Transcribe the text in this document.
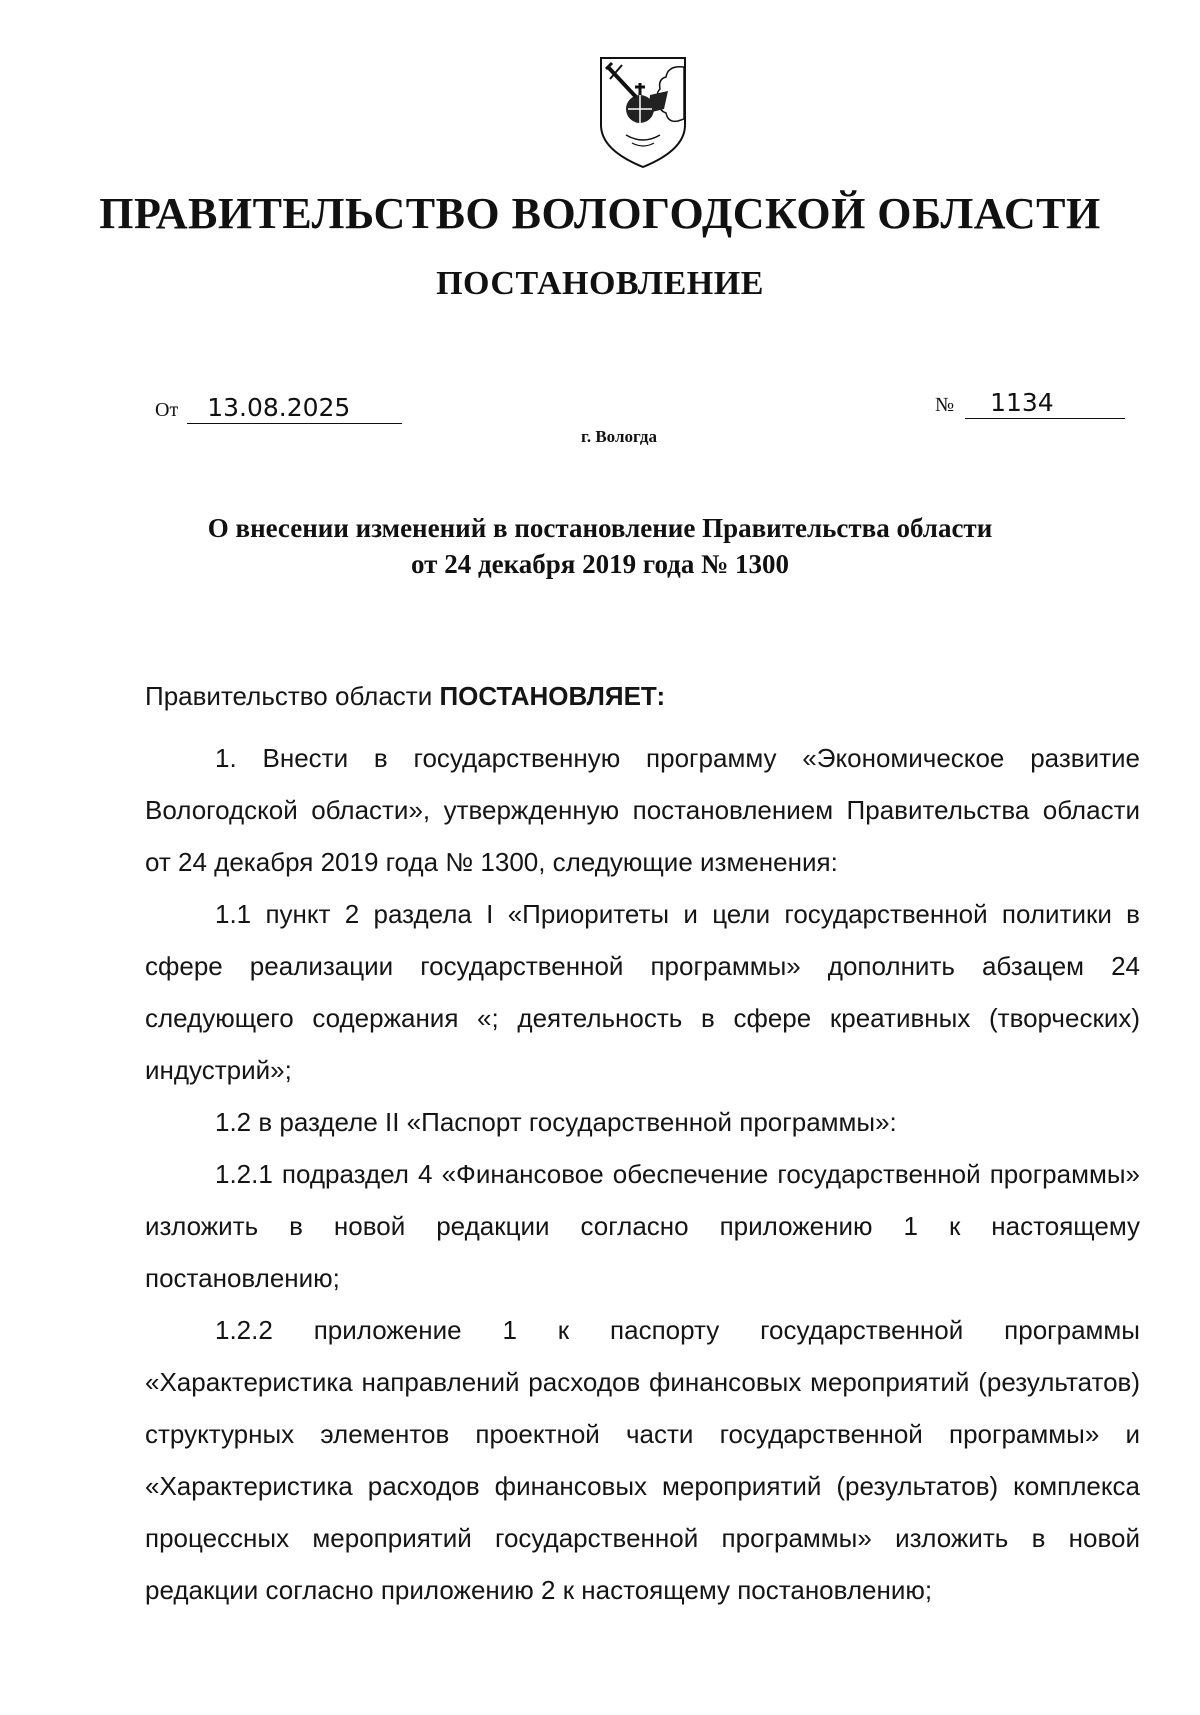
ПРАВИТЕЛЬСТВО ВОЛОГОДСКОЙ ОБЛАСТИ
ПОСТАНОВЛЕНИЕ
От 13.08.2025	№ 1134
г. Вологда
О внесении изменений в постановление Правительства области
от 24 декабря 2019 года № 1300

Правительство области ПОСТАНОВЛЯЕТ:

1. Внести в государственную программу «Экономическое развитие Вологодской области», утвержденную постановлением Правительства области от 24 декабря 2019 года № 1300, следующие изменения:

1.1 пункт 2 раздела I «Приоритеты и цели государственной политики в сфере реализации государственной программы» дополнить абзацем 24 следующего содержания «; деятельность в сфере креативных (творческих) индустрий»;

1.2 в разделе II «Паспорт государственной программы»:

1.2.1 подраздел 4 «Финансовое обеспечение государственной программы» изложить в новой редакции согласно приложению 1 к настоящему постановлению;

1.2.2 приложение 1 к паспорту государственной программы «Характеристика направлений расходов финансовых мероприятий (результатов) структурных элементов проектной части государственной программы» и «Характеристика расходов финансовых мероприятий (результатов) комплекса процессных мероприятий государственной программы» изложить в новой редакции согласно приложению 2 к настоящему постановлению;
